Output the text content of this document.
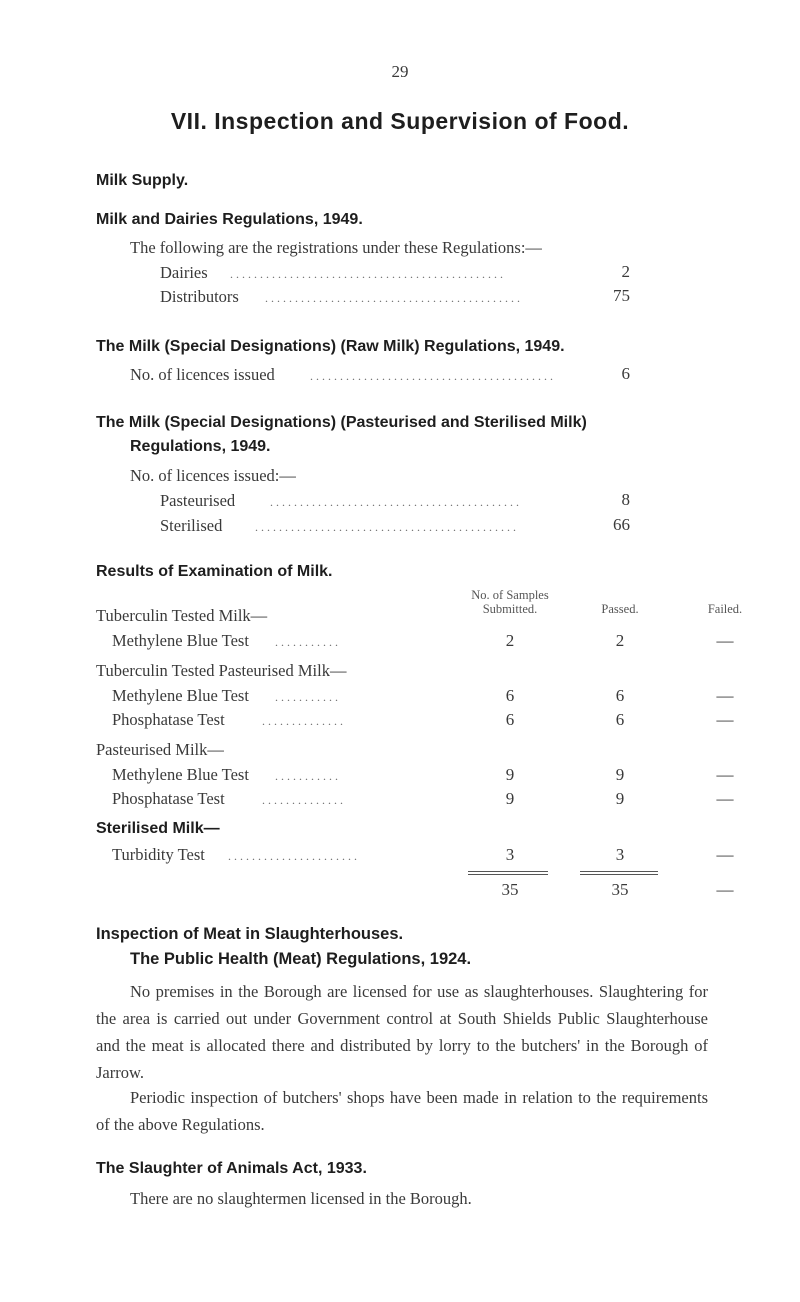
29
VII. Inspection and Supervision of Food.
Milk Supply.
Milk and Dairies Regulations, 1949.
The following are the registrations under these Regulations:—
Dairies ..............................................	2
Distributors ...........................................	75
The Milk (Special Designations) (Raw Milk) Regulations, 1949.
No. of licences issued	.........................................	6
The Milk (Special Designations) (Pasteurised and Sterilised Milk)
Regulations, 1949.
No. of licences issued:—
Pasteurised	..........................................	8
Sterilised	............................................	66
Results of Examination of Milk.
No. of Samples
Submitted.	Passed.	Failed.
Tuberculin Tested Milk—
Methylene Blue Test ...........	2	2	—
Tuberculin Tested Pasteurised Milk—
Methylene Blue Test ...........	6	6	—
Phosphatase Test	..............	6	6	—
Pasteurised Milk—
Methylene Blue Test ...........	9	9	—
Phosphatase Test	..............	9	9	—
Sterilised Milk—
Turbidity Test ......................	3	3	—
35	35	—
Inspection of Meat in Slaughterhouses.
The Public Health (Meat) Regulations, 1924.
No premises in the Borough are licensed for use as slaughterhouses. Slaughtering for the area is carried out under Government control at South Shields Public Slaughterhouse and the meat is allocated there and distributed by lorry to the butchers' in the Borough of Jarrow.
Periodic inspection of butchers' shops have been made in relation to the requirements of the above Regulations.
The Slaughter of Animals Act, 1933.
There are no slaughtermen licensed in the Borough.
